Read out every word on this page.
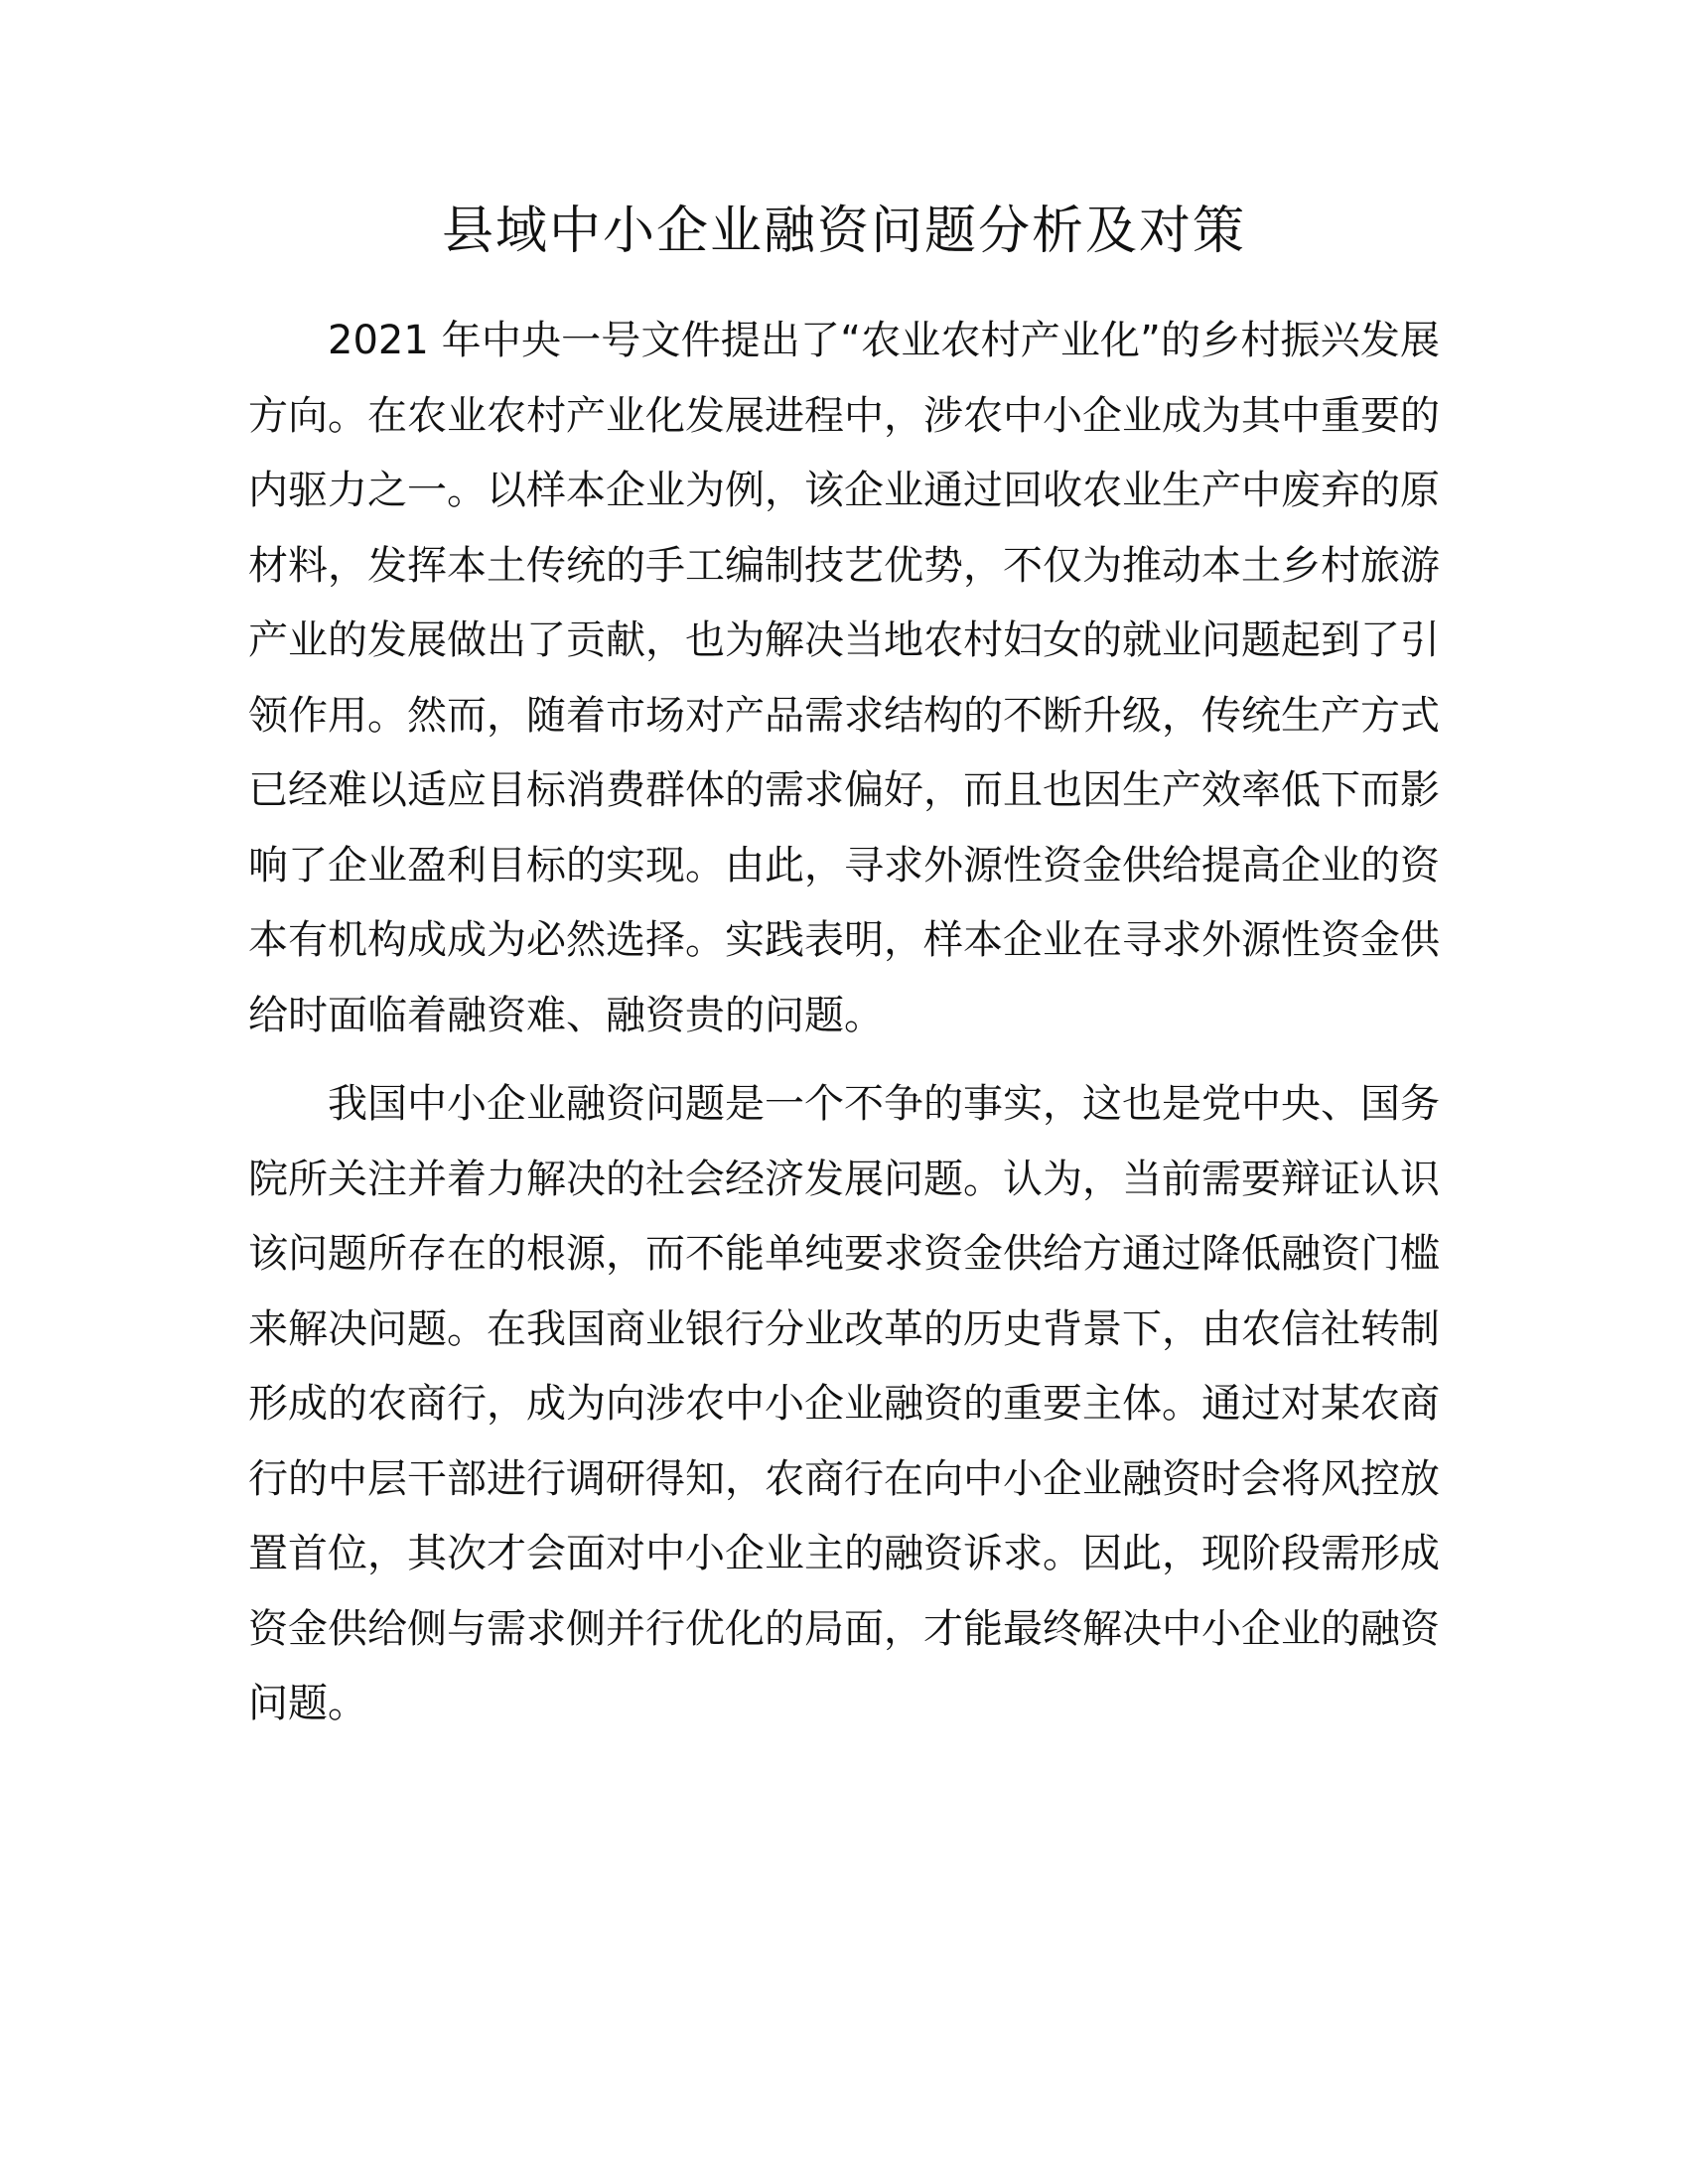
县域中小企业融资问题分析及对策

2021 年中央一号文件提出了“农业农村产业化”的乡村振兴发展方向。在农业农村产业化发展进程中，涉农中小企业成为其中重要的内驱力之一。以样本企业为例，该企业通过回收农业生产中废弃的原材料，发挥本土传统的手工编制技艺优势，不仅为推动本土乡村旅游产业的发展做出了贡献，也为解决当地农村妇女的就业问题起到了引领作用。然而，随着市场对产品需求结构的不断升级，传统生产方式已经难以适应目标消费群体的需求偏好，而且也因生产效率低下而影响了企业盈利目标的实现。由此，寻求外源性资金供给提高企业的资本有机构成成为必然选择。实践表明，样本企业在寻求外源性资金供给时面临着融资难、融资贵的问题。

我国中小企业融资问题是一个不争的事实，这也是党中央、国务院所关注并着力解决的社会经济发展问题。认为，当前需要辩证认识该问题所存在的根源，而不能单纯要求资金供给方通过降低融资门槛来解决问题。在我国商业银行分业改革的历史背景下，由农信社转制形成的农商行，成为向涉农中小企业融资的重要主体。通过对某农商行的中层干部进行调研得知，农商行在向中小企业融资时会将风控放置首位，其次才会面对中小企业主的融资诉求。因此，现阶段需形成资金供给侧与需求侧并行优化的局面，才能最终解决中小企业的融资问题。
